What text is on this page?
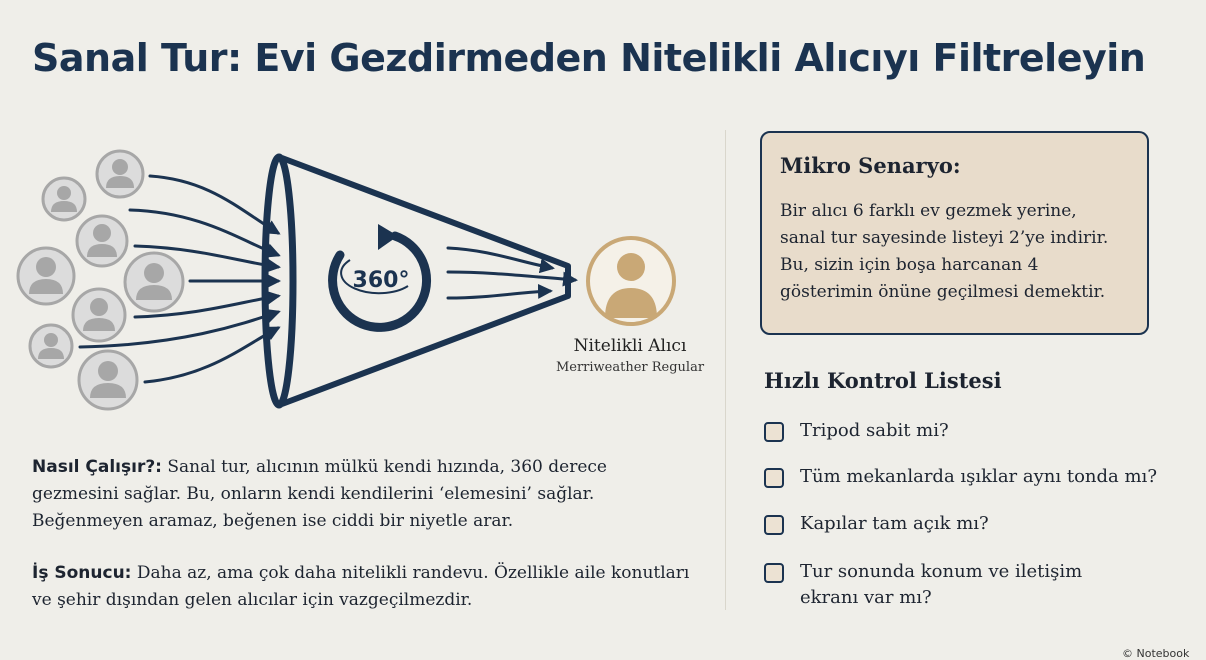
Sanal Tur: Evi Gezdirmeden Nitelikli Alıcıyı Filtreleyin
360°
Nitelikli Alıcı
Merriweather Regular
Nasıl Çalışır?: Sanal tur, alıcının mülkü kendi hızında, 360 derece gezmesini sağlar. Bu, onların kendi kendilerini ‘elemesini’ sağlar. Beğenmeyen aramaz, beğenen ise ciddi bir niyetle arar.
İş Sonucu: Daha az, ama çok daha nitelikli randevu. Özellikle aile konutları ve şehir dışından gelen alıcılar için vazgeçilmezdir.
Mikro Senaryo:

Bir alıcı 6 farklı ev gezmek yerine,
sanal tur sayesinde listeyi 2’ye indirir.
Bu, sizin için boşa harcanan 4
gösterimin önüne geçilmesi demektir.

Hızlı Kontrol Listesi
Tripod sabit mi?
Tüm mekanlarda ışıklar aynı tonda mı?
Kapılar tam açık mı?
Tur sonunda konum ve iletişim
ekranı var mı?
© Notebook
